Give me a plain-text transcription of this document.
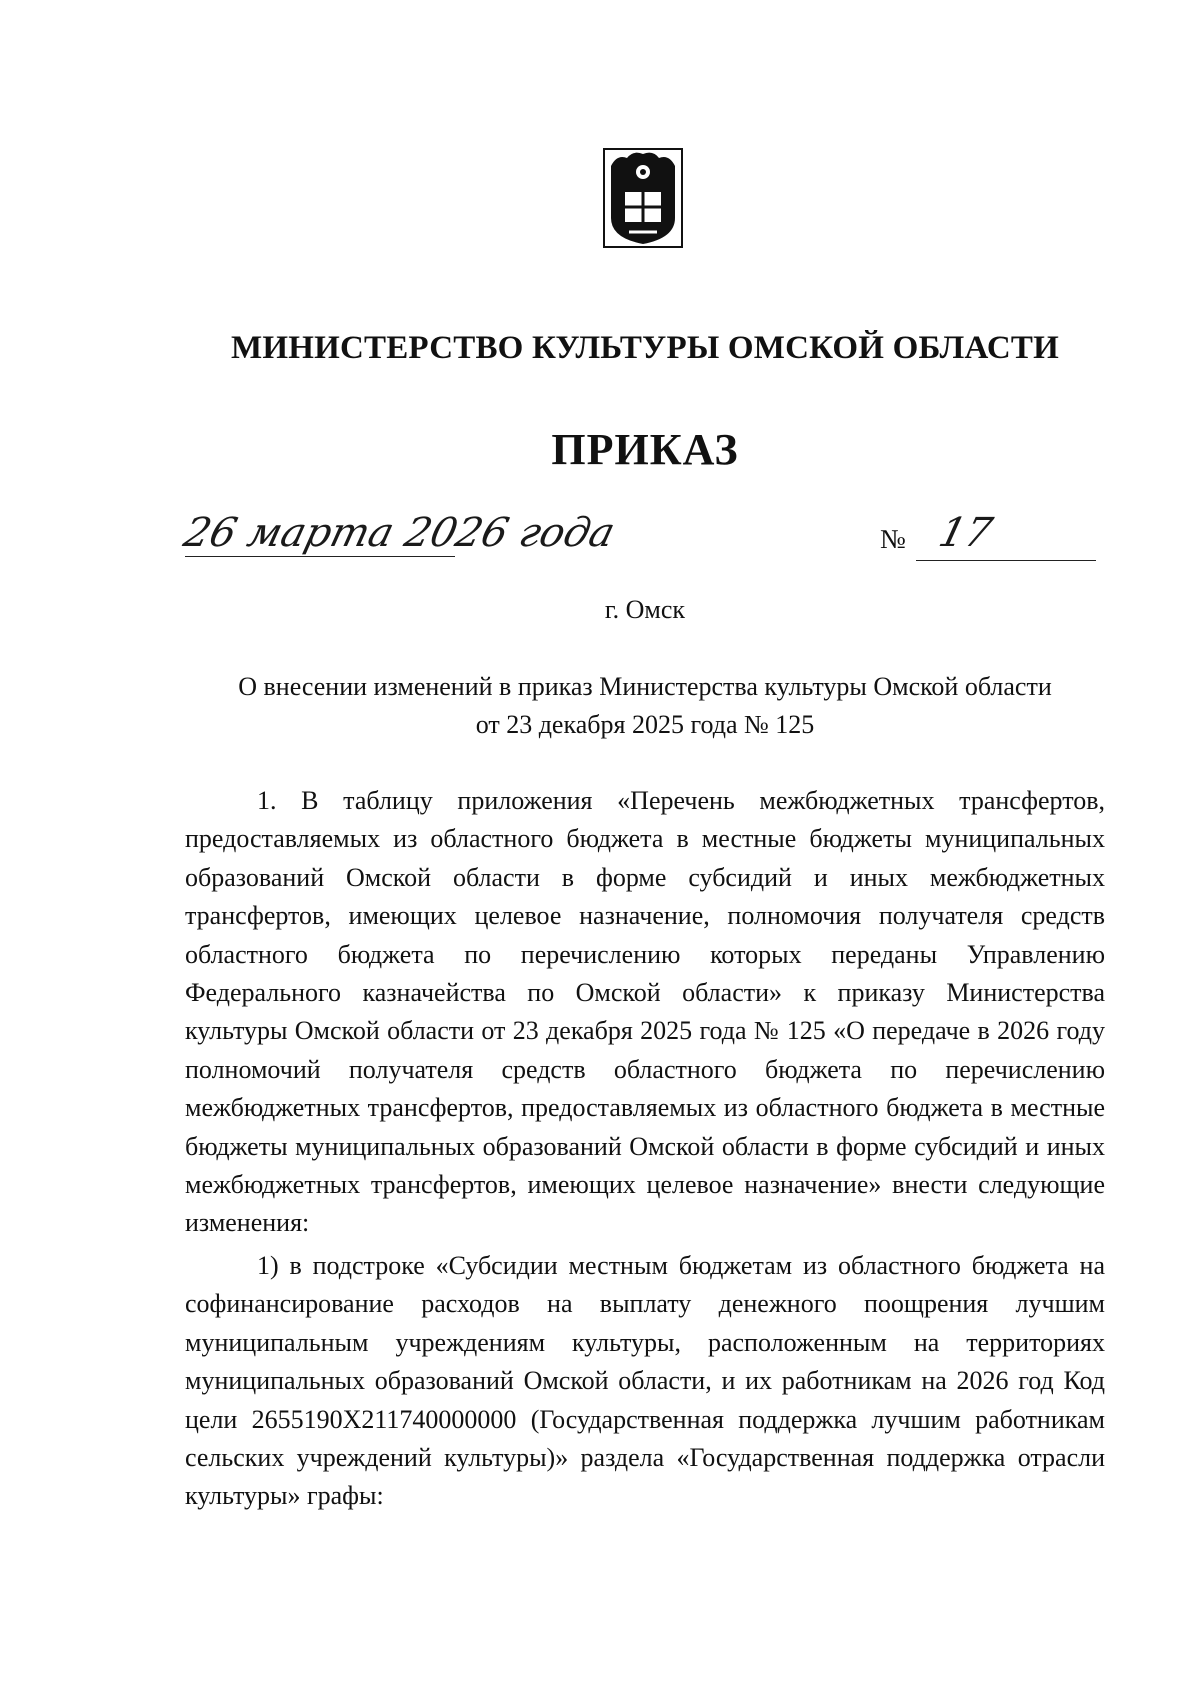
МИНИСТЕРСТВО КУЛЬТУРЫ ОМСКОЙ ОБЛАСТИ
ПРИКАЗ
26 марта 2026 года	№ 17
г. Омск
О внесении изменений в приказ Министерства культуры Омской области
от 23 декабря 2025 года № 125

1. В таблицу приложения «Перечень межбюджетных трансфертов, предоставляемых из областного бюджета в местные бюджеты муниципальных образований Омской области в форме субсидий и иных межбюджетных трансфертов, имеющих целевое назначение, полномочия получателя средств областного бюджета по перечислению которых переданы Управлению Федерального казначейства по Омской области» к приказу Министерства культуры Омской области от 23 декабря 2025 года № 125 «О передаче в 2026 году полномочий получателя средств областного бюджета по перечислению межбюджетных трансфертов, предоставляемых из областного бюджета в местные бюджеты муниципальных образований Омской области в форме субсидий и иных межбюджетных трансфертов, имеющих целевое назначение» внести следующие изменения:

1) в подстроке «Субсидии местным бюджетам из областного бюджета на софинансирование расходов на выплату денежного поощрения лучшим муниципальным учреждениям культуры, расположенным на территориях муниципальных образований Омской области, и их работникам на 2026 год Код цели 2655190X211740000000 (Государственная поддержка лучшим работникам сельских учреждений культуры)» раздела «Государственная поддержка отрасли культуры» графы:
